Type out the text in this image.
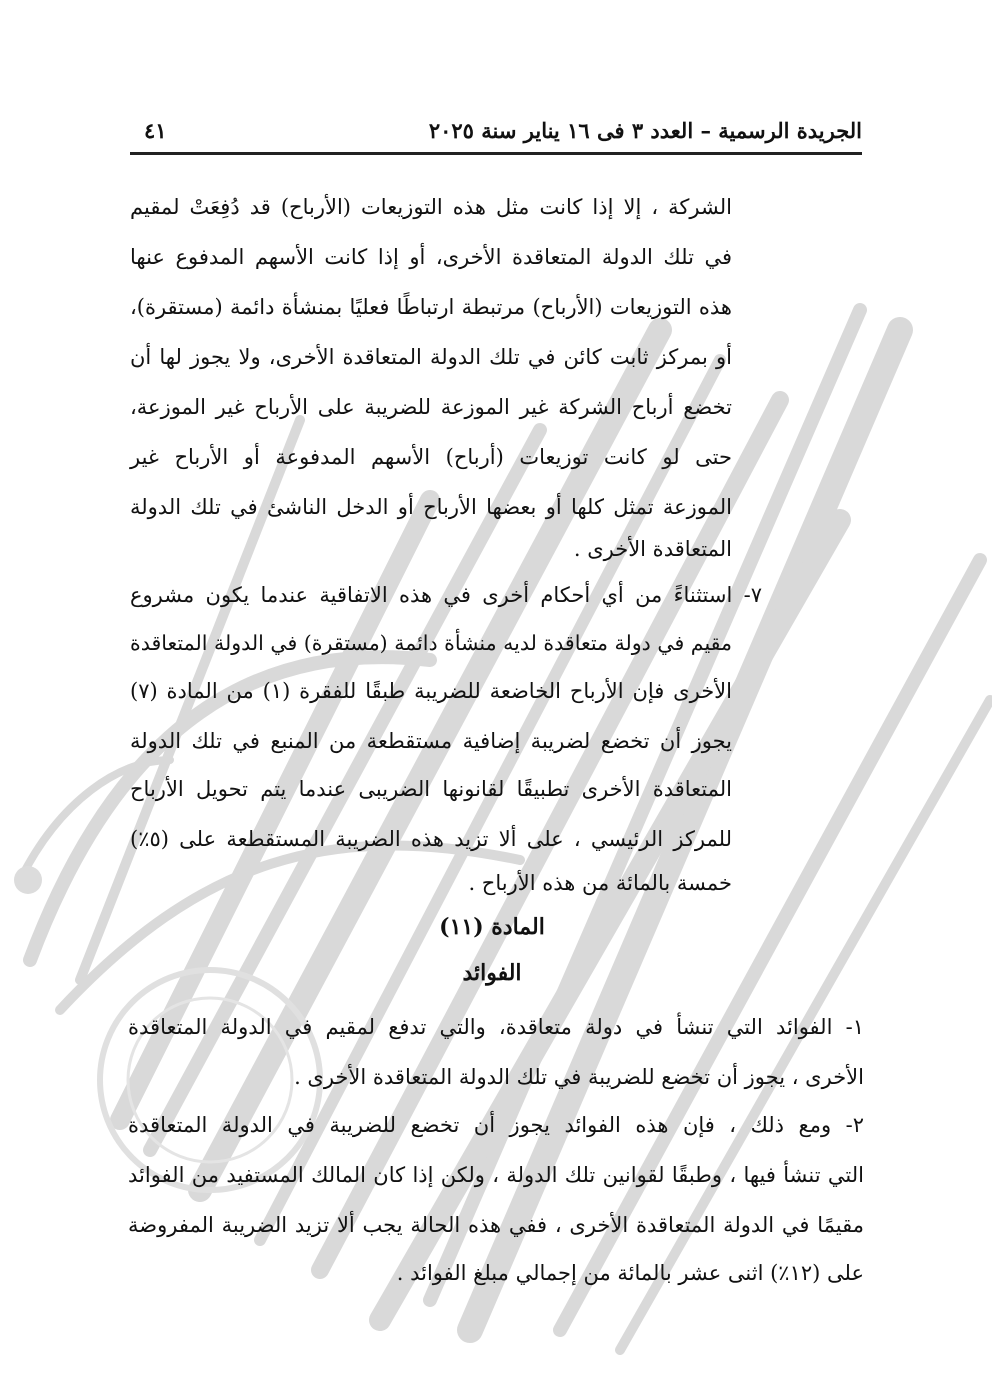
الجريدة الرسمية – العدد ٣ فى ١٦ يناير سنة ٢٠٢٥
٤١
الشركة ، إلا إذا كانت مثل هذه التوزيعات (الأرباح) قد دُفِعَتْ لمقيم
في تلك الدولة المتعاقدة الأخرى، أو إذا كانت الأسهم المدفوع عنها
هذه التوزيعات (الأرباح) مرتبطة ارتباطًا فعليًا بمنشأة دائمة (مستقرة)،
أو بمركز ثابت كائن في تلك الدولة المتعاقدة الأخرى، ولا يجوز لها أن
تخضع أرباح الشركة غير الموزعة للضريبة على الأرباح غير الموزعة،
حتى لو كانت توزيعات (أرباح) الأسهم المدفوعة أو الأرباح غير
الموزعة تمثل كلها أو بعضها الأرباح أو الدخل الناشئ في تلك الدولة
المتعاقدة الأخرى .
٧- استثناءً من أي أحكام أخرى في هذه الاتفاقية عندما يكون مشروع
مقيم في دولة متعاقدة لديه منشأة دائمة (مستقرة) في الدولة المتعاقدة
الأخرى فإن الأرباح الخاضعة للضريبة طبقًا للفقرة (١) من المادة (٧)
يجوز أن تخضع لضريبة إضافية مستقطعة من المنبع في تلك الدولة
المتعاقدة الأخرى تطبيقًا لقانونها الضريبى عندما يتم تحويل الأرباح
للمركز الرئيسي ، على ألا تزيد هذه الضريبة المستقطعة على (٥٪)
خمسة بالمائة من هذه الأرباح .
المادة (١١)
الفوائد
١- الفوائد التي تنشأ في دولة متعاقدة، والتي تدفع لمقيم في الدولة المتعاقدة
الأخرى ، يجوز أن تخضع للضريبة في تلك الدولة المتعاقدة الأخرى .
٢- ومع ذلك ، فإن هذه الفوائد يجوز أن تخضع للضريبة في الدولة المتعاقدة
التي تنشأ فيها ، وطبقًا لقوانين تلك الدولة ، ولكن إذا كان المالك المستفيد من الفوائد
مقيمًا في الدولة المتعاقدة الأخرى ، ففي هذه الحالة يجب ألا تزيد الضريبة المفروضة
على (١٢٪) اثنى عشر بالمائة من إجمالي مبلغ الفوائد .
